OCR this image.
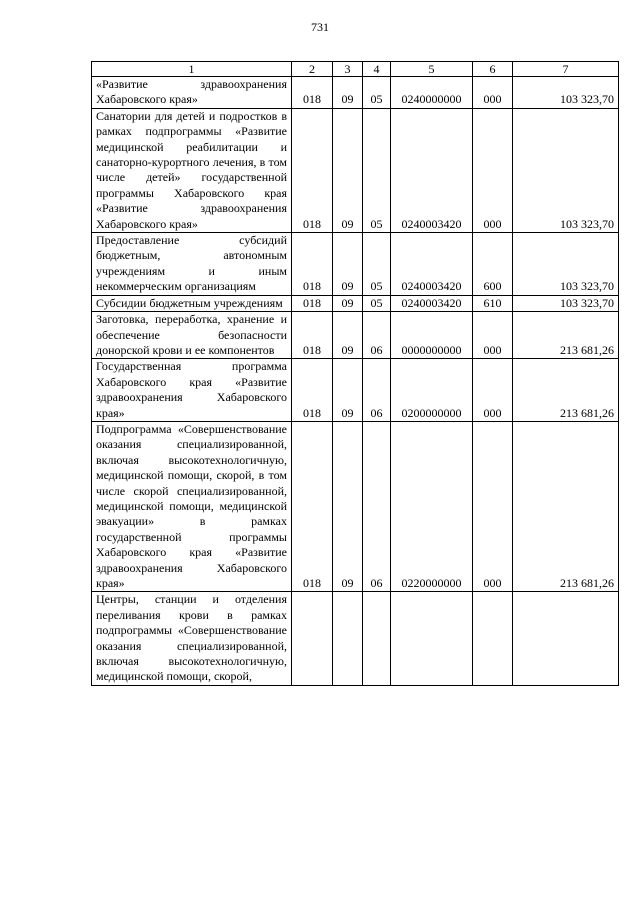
731
1	2	3	4	5	6	7
«Развитие здравоохранения Хабаровского края»	018	09	05	0240000000	000	103 323,70
Санатории для детей и подростков в рамках подпрограммы «Развитие медицинской реабилитации и санаторно-курортного лечения, в том числе детей» государственной программы Хабаровского края «Развитие здравоохранения Хабаровского края»	018	09	05	0240003420	000	103 323,70
Предоставление субсидий бюджетным, автономным учреждениям и иным некоммерческим организациям	018	09	05	0240003420	600	103 323,70
Субсидии бюджетным учреждениям	018	09	05	0240003420	610	103 323,70
Заготовка, переработка, хранение и обеспечение безопасности донорской крови и ее компонентов	018	09	06	0000000000	000	213 681,26
Государственная программа Хабаровского края «Развитие здравоохранения Хабаровского края»	018	09	06	0200000000	000	213 681,26
Подпрограмма «Совершенствование оказания специализированной, включая высокотехнологичную, медицинской помощи, скорой, в том числе скорой специализированной, медицинской помощи, медицинской эвакуации» в рамках государственной программы Хабаровского края «Развитие здравоохранения Хабаровского края»	018	09	06	0220000000	000	213 681,26
Центры, станции и отделения переливания крови в рамках подпрограммы «Совершенствование оказания специализированной, включая высокотехнологичную, медицинской помощи, скорой,						
